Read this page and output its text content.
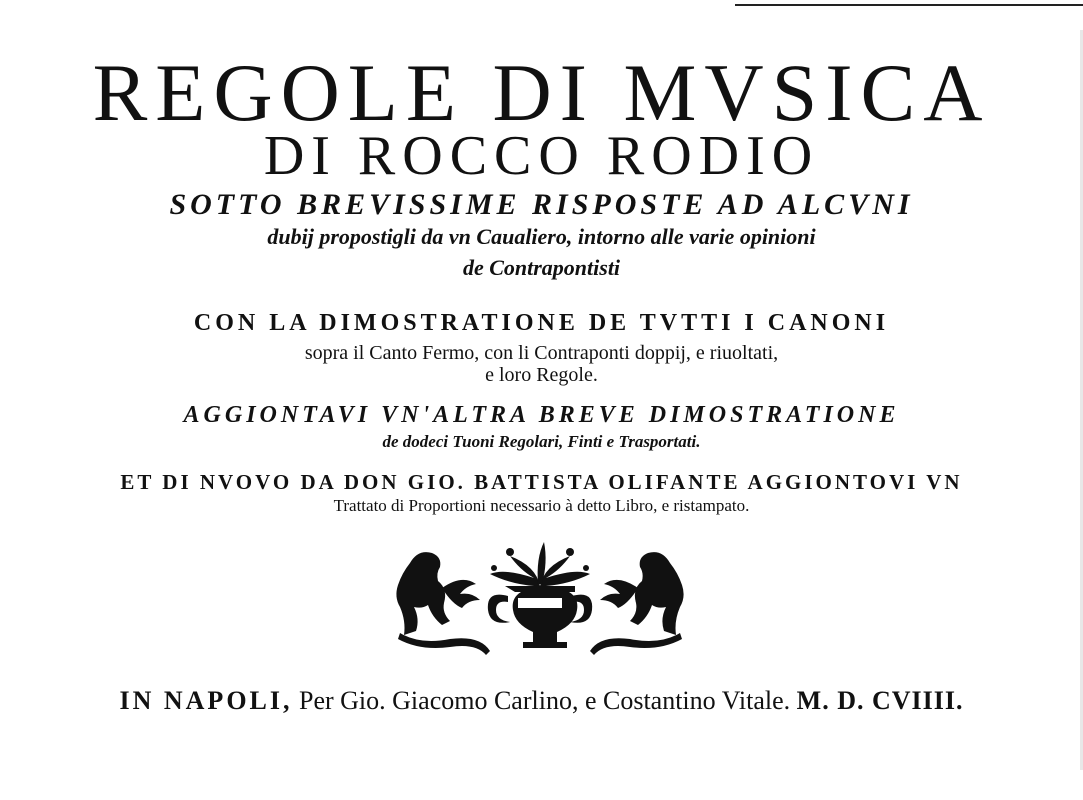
REGOLE DI MVSICA
DI ROCCO RODIO
SOTTO BREVISSIME RISPOSTE AD ALCVNI
dubij propostigli da vn Caualiero, intorno alle varie opinioni
de Contrapontisti
CON LA DIMOSTRATIONE DE TVTTI I CANONI
sopra il Canto Fermo, con li Contraponti doppij, e riuoltati,
e loro Regole.
AGGIONTAVI VN'ALTRA BREVE DIMOSTRATIONE
de dodeci Tuoni Regolari, Finti e Trasportati.
ET DI NVOVO DA DON GIO. BATTISTA OLIFANTE AGGIONTOVI VN
Trattato di Proportioni necessario à detto Libro, e ristampato.
IN NAPOLI, Per Gio. Giacomo Carlino, e Costantino Vitale. M. D. CVIIII.
